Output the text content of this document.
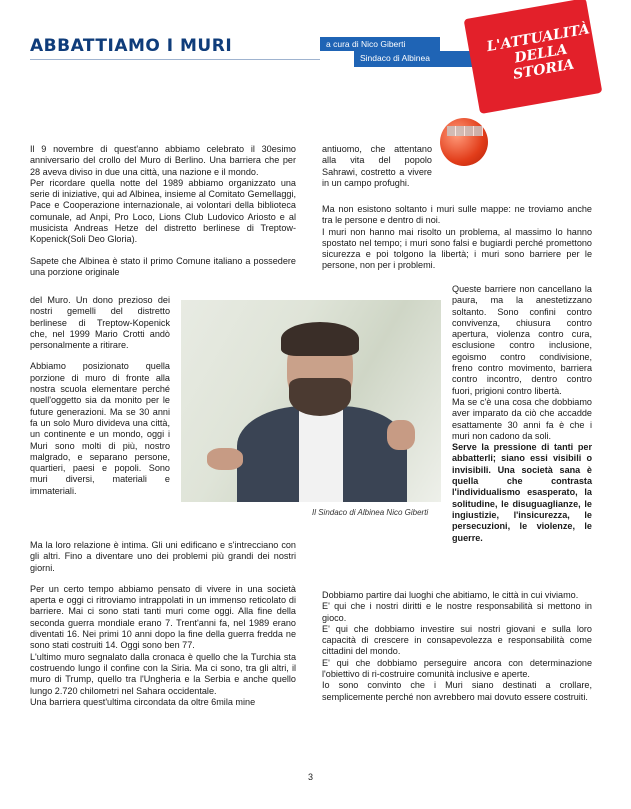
ABBATTIAMO I MURI	a cura di Nico Giberti
Sindaco di Albinea
L'ATTUALITÀ DELLA STORIA

Il 9 novembre di quest'anno abbiamo celebrato il 30esimo anniversario del crollo del Muro di Berlino. Una barriera che per 28 aveva diviso in due una città, una nazione e il mondo.

Per ricordare quella notte del 1989 abbiamo organizzato una serie di iniziative, qui ad Albinea, insieme al Comitato Gemellaggi, Pace e Cooperazione internazionale, ai volontari della biblioteca comunale, ad Anpi, Pro Loco, Lions Club Ludovico Ariosto e al musicista Andreas Hetze del distretto berlinese di Treptow-Kopenick(Soli Deo Gloria).

Sapete che Albinea è stato il primo Comune italiano a possedere una porzione originale

del Muro. Un dono prezioso dei nostri gemelli del distretto berlinese di Treptow-Kopenick che, nel 1999 Mario Crotti andò personalmente a ritirare.

Abbiamo posizionato quella porzione di muro di fronte alla nostra scuola elementare perché quell'oggetto sia da monito per le future generazioni. Ma se 30 anni fa un solo Muro divideva una città, un continente e un mondo, oggi i Muri sono molti di più, nostro malgrado, e separano persone, quartieri, paesi e popoli. Sono muri diversi, materiali e immateriali.

Ma la loro relazione è intima. Gli uni edificano e s'intrecciano con gli altri. Fino a diventare uno dei problemi più grandi dei nostri giorni.

Per un certo tempo abbiamo pensato di vivere in una società aperta e oggi ci ritroviamo intrappolati in un immenso reticolato di barriere. Mai ci sono stati tanti muri come oggi. Alla fine della seconda guerra mondiale erano 7. Trent'anni fa, nel 1989 erano diventati 16. Nei primi 10 anni dopo la fine della guerra fredda ne sono stati costruiti 14. Oggi sono ben 77.

L'ultimo muro segnalato dalla cronaca è quello che la Turchia sta costruendo lungo il confine con la Siria. Ma ci sono, tra gli altri, il muro di Trump, quello tra l'Ungheria e la Serbia e anche quello lungo 2.720 chilometri nel Sahara occidentale.

Una barriera quest'ultima circondata da oltre 6mila mine

Il Sindaco di Albinea Nico Giberti

antiuomo, che attentano alla vita del popolo Sahrawi, costretto a vivere in un campo profughi.

Ma non esistono soltanto i muri sulle mappe: ne troviamo anche tra le persone e dentro di noi.

I muri non hanno mai risolto un problema, al massimo lo hanno spostato nel tempo; i muri sono falsi e bugiardi perché promettono sicurezza e poi tolgono la libertà; i muri sono barriere per le persone, non per i problemi.

Queste barriere non cancellano la paura, ma la anestetizzano soltanto. Sono confini contro convivenza, chiusura contro apertura, violenza contro cura, esclusione contro inclusione, egoismo contro condivisione, freno contro movimento, barriera contro incontro, dentro contro fuori, prigioni contro libertà.

Ma se c'è una cosa che dobbiamo aver imparato da ciò che accadde esattamente 30 anni fa è che i muri non cadono da soli.

Serve la pressione di tanti per abbatterli; siano essi visibili o invisibili. Una società sana è quella che contrasta l'individualismo esasperato, la solitudine, le disuguaglianze, le ingiustizie, l'insicurezza, le persecuzioni, le violenze, le guerre.

Dobbiamo partire dai luoghi che abitiamo, le città in cui viviamo.

E' qui che i nostri diritti e le nostre responsabilità si mettono in gioco.

E' qui che dobbiamo investire sui nostri giovani e sulla loro capacità di crescere in consapevolezza e responsabilità come cittadini del mondo.

E' qui che dobbiamo perseguire ancora con determinazione l'obiettivo di ri-costruire comunità inclusive e aperte.

Io sono convinto che i Muri siano destinati a crollare, semplicemente perché non avrebbero mai dovuto essere costruiti.

3
